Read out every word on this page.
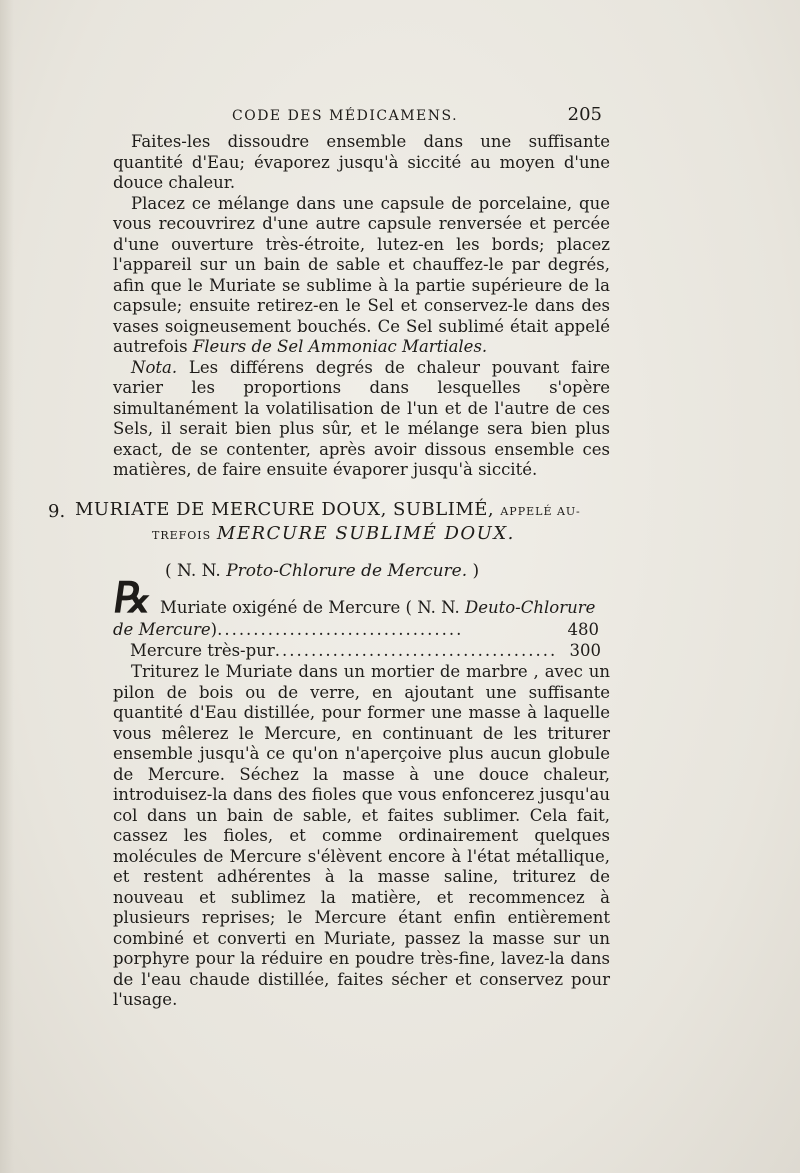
CODE DES MÉDICAMENS.	205

Faites-les dissoudre ensemble dans une suffisante quantité d'Eau; évaporez jusqu'à siccité au moyen d'une douce chaleur.

Placez ce mélange dans une capsule de porcelaine, que vous recouvrirez d'une autre capsule renversée et percée d'une ouverture très-étroite, lutez-en les bords; placez l'appareil sur un bain de sable et chauffez-le par degrés, afin que le Muriate se sublime à la partie supérieure de la capsule; ensuite retirez-en le Sel et conservez-le dans des vases soigneusement bouchés. Ce Sel sublimé était appelé autrefois Fleurs de Sel Ammoniac Martiales.

Nota. Les différens degrés de chaleur pouvant faire varier les proportions dans lesquelles s'opère simultanément la volatilisation de l'un et de l'autre de ces Sels, il serait bien plus sûr, et le mélange sera bien plus exact, de se contenter, après avoir dissous ensemble ces matières, de faire ensuite évaporer jusqu'à siccité.

9. MURIATE DE MERCURE DOUX, SUBLIMÉ, APPELÉ AU-
TREFOIS MERCURE SUBLIMÉ DOUX.
( N. N. Proto-Chlorure de Mercure. )
℞ Muriate oxigéné de Mercure ( N. N. Deuto-Chlorure
de Mercure)..................................	480
Mercure très-pur....................................... 300

Triturez le Muriate dans un mortier de marbre , avec un pilon de bois ou de verre, en ajoutant une suffisante quantité d'Eau distillée, pour former une masse à laquelle vous mêlerez le Mercure, en continuant de les triturer ensemble jusqu'à ce qu'on n'aperçoive plus aucun globule de Mercure. Séchez la masse à une douce chaleur, introduisez-la dans des fioles que vous enfoncerez jusqu'au col dans un bain de sable, et faites sublimer. Cela fait, cassez les fioles, et comme ordinairement quelques molécules de Mercure s'élèvent encore à l'état métallique, et restent adhérentes à la masse saline, triturez de nouveau et sublimez la matière, et recommencez à plusieurs reprises; le Mercure étant enfin entièrement combiné et converti en Muriate, passez la masse sur un porphyre pour la réduire en poudre très-fine, lavez-la dans de l'eau chaude distillée, faites sécher et conservez pour l'usage.
